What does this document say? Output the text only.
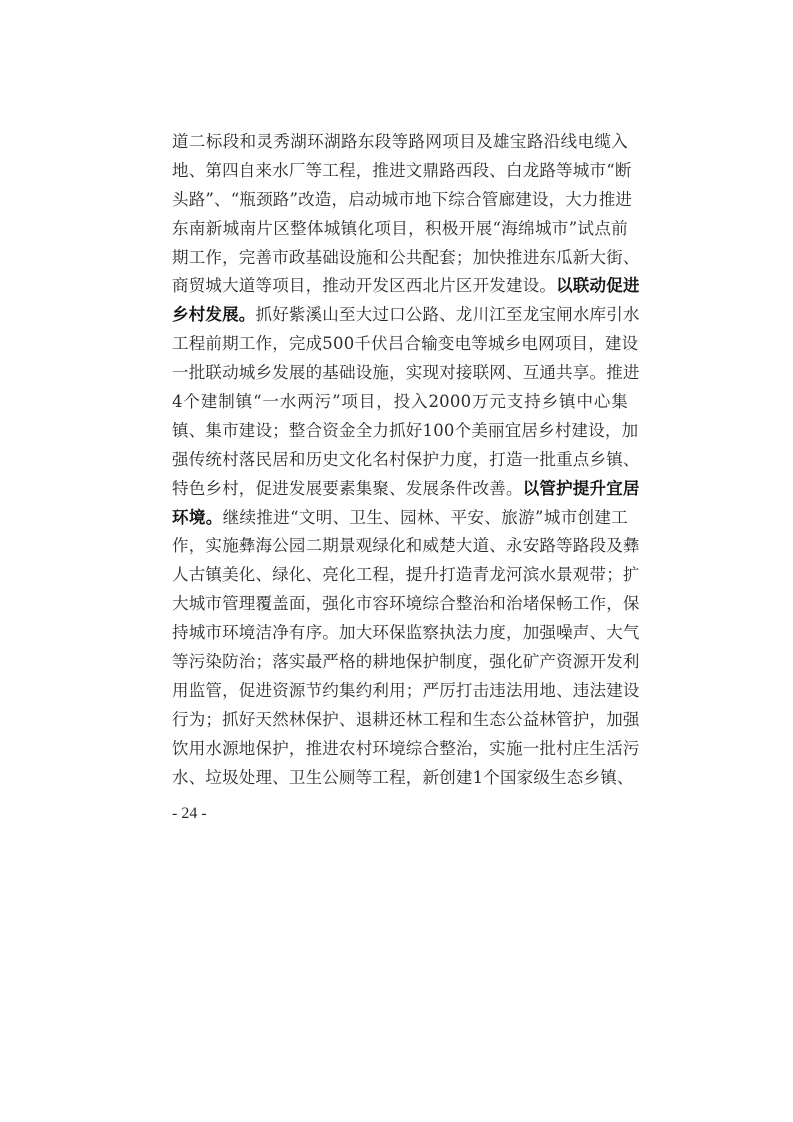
道二标段和灵秀湖环湖路东段等路网项目及雄宝路沿线电缆入
地、第四自来水厂等工程，推进文鼎路西段、白龙路等城市“断
头路”、“瓶颈路”改造，启动城市地下综合管廊建设，大力推进
东南新城南片区整体城镇化项目，积极开展“海绵城市”试点前
期工作，完善市政基础设施和公共配套；加快推进东瓜新大街、
商贸城大道等项目，推动开发区西北片区开发建设。以联动促进
乡村发展。抓好紫溪山至大过口公路、龙川江至龙宝闸水库引水
工程前期工作，完成500千伏吕合输变电等城乡电网项目，建设
一批联动城乡发展的基础设施，实现对接联网、互通共享。推进
4个建制镇“一水两污”项目，投入2000万元支持乡镇中心集
镇、集市建设；整合资金全力抓好100个美丽宜居乡村建设，加
强传统村落民居和历史文化名村保护力度，打造一批重点乡镇、
特色乡村，促进发展要素集聚、发展条件改善。以管护提升宜居
环境。继续推进“文明、卫生、园林、平安、旅游”城市创建工
作，实施彝海公园二期景观绿化和威楚大道、永安路等路段及彝
人古镇美化、绿化、亮化工程，提升打造青龙河滨水景观带；扩
大城市管理覆盖面，强化市容环境综合整治和治堵保畅工作，保
持城市环境洁净有序。加大环保监察执法力度，加强噪声、大气
等污染防治；落实最严格的耕地保护制度，强化矿产资源开发利
用监管，促进资源节约集约利用；严厉打击违法用地、违法建设
行为；抓好天然林保护、退耕还林工程和生态公益林管护，加强
饮用水源地保护，推进农村环境综合整治，实施一批村庄生活污
水、垃圾处理、卫生公厕等工程，新创建1个国家级生态乡镇、
- 24 -
